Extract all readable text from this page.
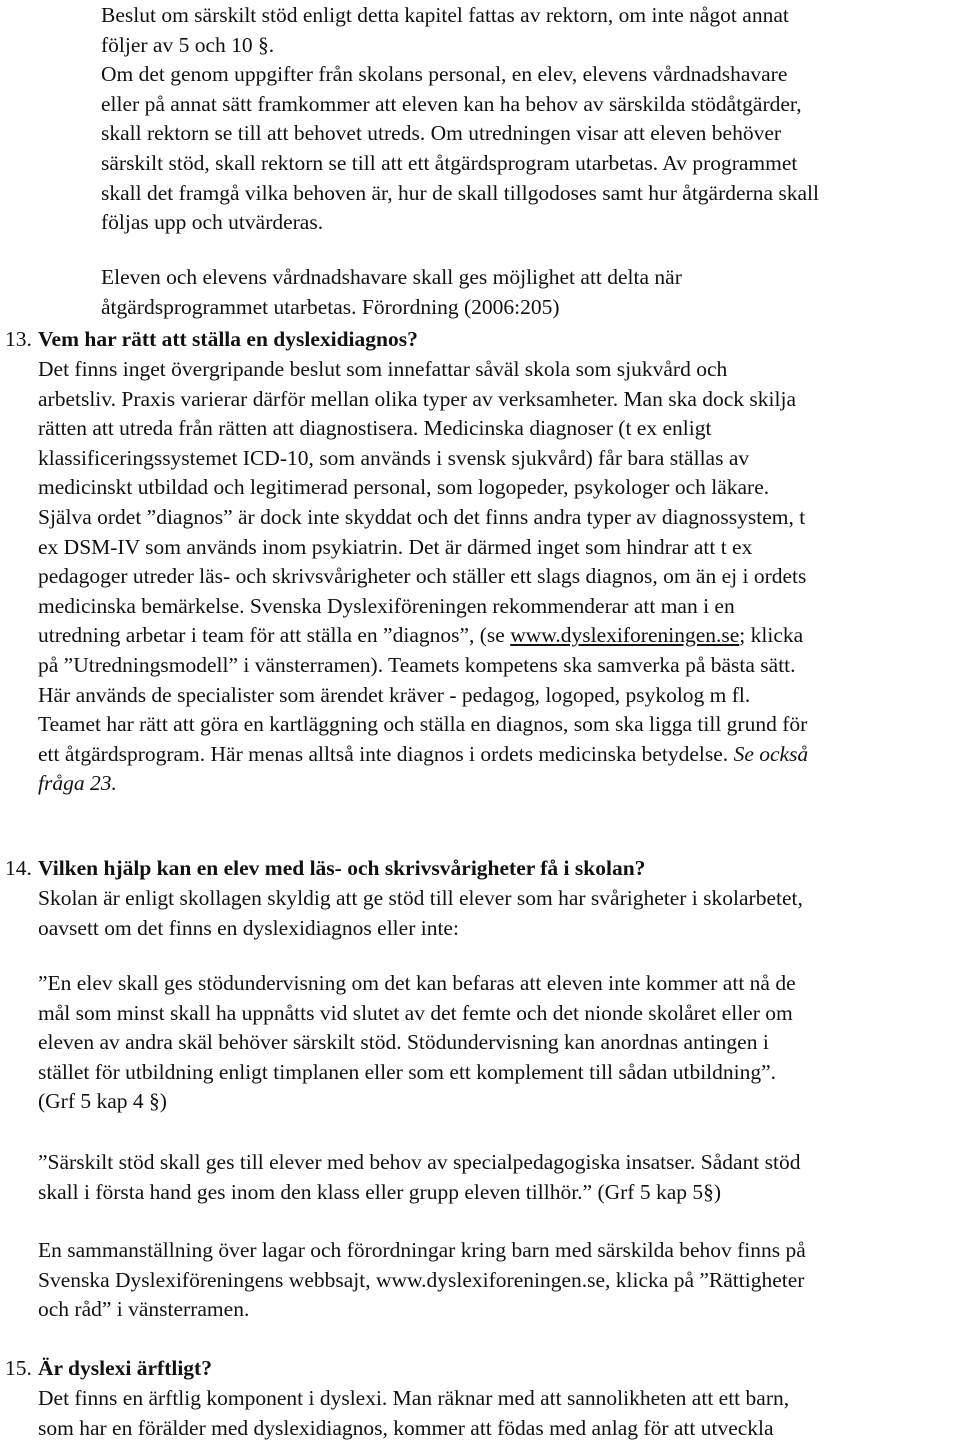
Beslut om särskilt stöd enligt detta kapitel fattas av rektorn, om inte något annat
följer av 5 och 10 §.
Om det genom uppgifter från skolans personal, en elev, elevens vårdnadshavare
eller på annat sätt framkommer att eleven kan ha behov av särskilda stödåtgärder,
skall rektorn se till att behovet utreds. Om utredningen visar att eleven behöver
särskilt stöd, skall rektorn se till att ett åtgärdsprogram utarbetas. Av programmet
skall det framgå vilka behoven är, hur de skall tillgodoses samt hur åtgärderna skall
följas upp och utvärderas.
Eleven och elevens vårdnadshavare skall ges möjlighet att delta när
åtgärdsprogrammet utarbetas. Förordning (2006:205)

13. Vem har rätt att ställa en dyslexidiagnos?

Det finns inget övergripande beslut som innefattar såväl skola som sjukvård och
arbetsliv. Praxis varierar därför mellan olika typer av verksamheter. Man ska dock skilja
rätten att utreda från rätten att diagnostisera. Medicinska diagnoser (t ex enligt
klassificeringssystemet ICD-10, som används i svensk sjukvård) får bara ställas av
medicinskt utbildad och legitimerad personal, som logopeder, psykologer och läkare.
Själva ordet ”diagnos” är dock inte skyddat och det finns andra typer av diagnossystem, t
ex DSM-IV som används inom psykiatrin. Det är därmed inget som hindrar att t ex
pedagoger utreder läs- och skrivsvårigheter och ställer ett slags diagnos, om än ej i ordets
medicinska bemärkelse. Svenska Dyslexiföreningen rekommenderar att man i en
utredning arbetar i team för att ställa en ”diagnos”, (se www.dyslexiforeningen.se; klicka
på ”Utredningsmodell” i vänsterramen). Teamets kompetens ska samverka på bästa sätt.
Här används de specialister som ärendet kräver - pedagog, logoped, psykolog m fl.
Teamet har rätt att göra en kartläggning och ställa en diagnos, som ska ligga till grund för
ett åtgärdsprogram. Här menas alltså inte diagnos i ordets medicinska betydelse. Se också
fråga 23.

14. Vilken hjälp kan en elev med läs- och skrivsvårigheter få i skolan?

Skolan är enligt skollagen skyldig att ge stöd till elever som har svårigheter i skolarbetet,
oavsett om det finns en dyslexidiagnos eller inte:
”En elev skall ges stödundervisning om det kan befaras att eleven inte kommer att nå de
mål som minst skall ha uppnåtts vid slutet av det femte och det nionde skolåret eller om
eleven av andra skäl behöver särskilt stöd. Stödundervisning kan anordnas antingen i
stället för utbildning enligt timplanen eller som ett komplement till sådan utbildning”.
(Grf 5 kap 4 §)
”Särskilt stöd skall ges till elever med behov av specialpedagogiska insatser. Sådant stöd
skall i första hand ges inom den klass eller grupp eleven tillhör.” (Grf 5 kap 5§)
En sammanställning över lagar och förordningar kring barn med särskilda behov finns på
Svenska Dyslexiföreningens webbsajt, www.dyslexiforeningen.se, klicka på ”Rättigheter
och råd” i vänsterramen.

15. Är dyslexi ärftligt?

Det finns en ärftlig komponent i dyslexi. Man räknar med att sannolikheten att ett barn,
som har en förälder med dyslexidiagnos, kommer att födas med anlag för att utveckla
